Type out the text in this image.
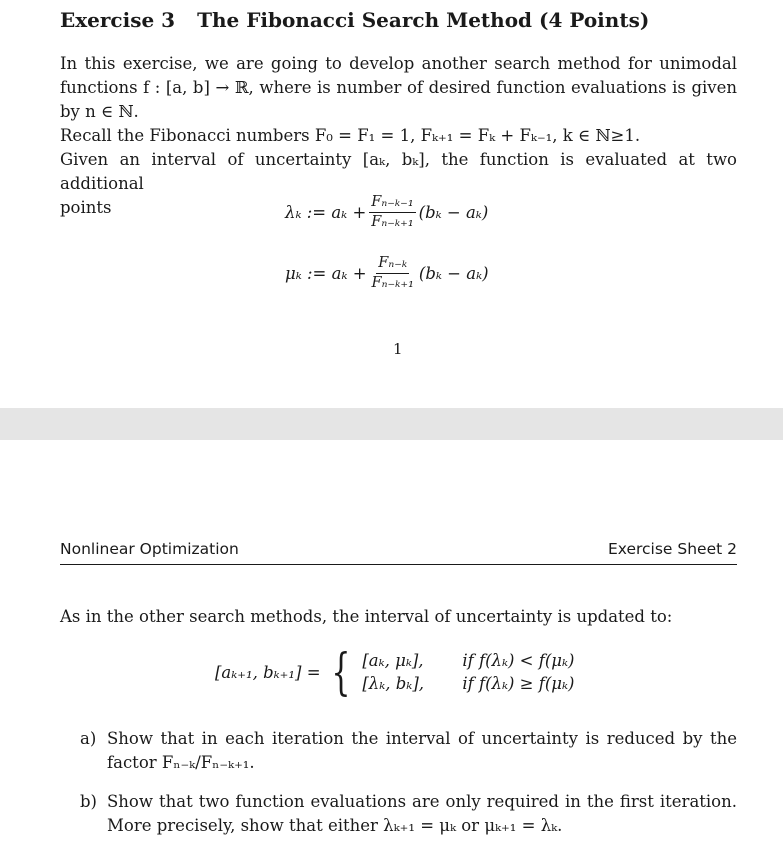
Exercise 3 The Fibonacci Search Method (4 Points)

In this exercise, we are going to develop another search method for unimodal

functions f : [a, b] → ℝ, where is number of desired function evaluations is given

by n ∈ ℕ.

Recall the Fibonacci numbers F₀ = F₁ = 1, Fₖ₊₁ = Fₖ + Fₖ₋₁, k ∈ ℕ≥1.

Given an interval of uncertainty [aₖ, bₖ], the function is evaluated at two additional

points	λₖ := $a_k + \frac{\text{Fₙ₋ₖ₋₁}}{\text{Fₙ₋ₖ₊₁}} (b_k - a_k)$
μₖ := $a_k + \frac{\text{Fₙ₋ₖ}}{\text{Fₙ₋ₖ₊₁}} (b_k - a_k)$
1
Nonlinear Optimization	Exercise Sheet 2
As in the other search methods, the interval of uncertainty is updated to:
[aₖ₊₁, bₖ₊₁] = { [aₖ, μₖ],	if f(λₖ) < f(μₖ)
[λₖ, bₖ],	if f(λₖ) ≥ f(μₖ)
a) Show that in each iteration the interval of uncertainty is reduced by the
factor Fₙ₋ₖ/Fₙ₋ₖ₊₁.
b) Show that two function evaluations are only required in the first iteration.
More precisely, show that either λₖ₊₁ = μₖ or μₖ₊₁ = λₖ.
